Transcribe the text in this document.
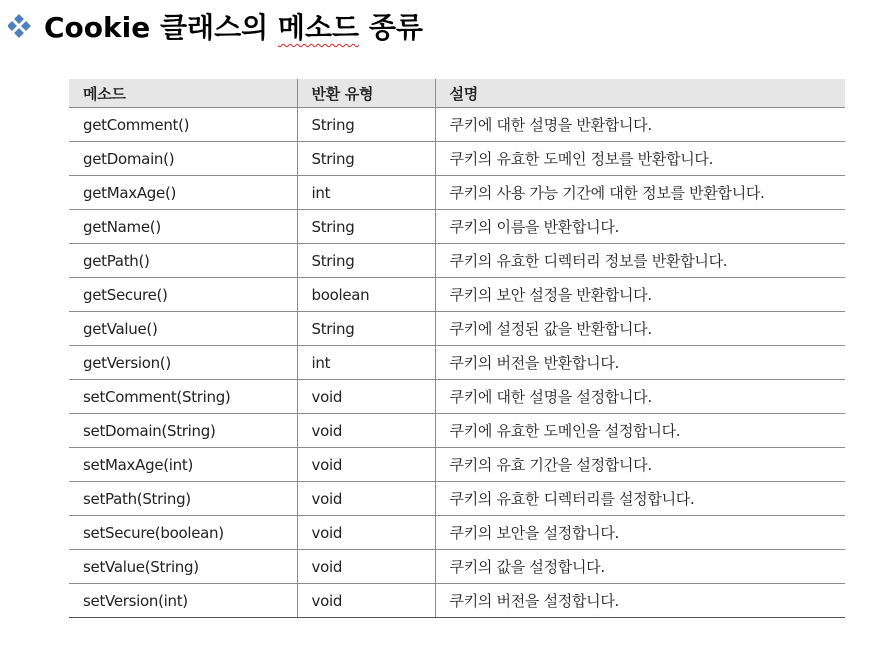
Cookie 클래스의 메소드 종류
메소드	반환 유형	설명
getComment()	String	쿠키에 대한 설명을 반환합니다.
getDomain()	String	쿠키의 유효한 도메인 정보를 반환합니다.
getMaxAge()	int	쿠키의 사용 가능 기간에 대한 정보를 반환합니다.
getName()	String	쿠키의 이름을 반환합니다.
getPath()	String	쿠키의 유효한 디렉터리 정보를 반환합니다.
getSecure()	boolean	쿠키의 보안 설정을 반환합니다.
getValue()	String	쿠키에 설정된 값을 반환합니다.
getVersion()	int	쿠키의 버전을 반환합니다.
setComment(String)	void	쿠키에 대한 설명을 설정합니다.
setDomain(String)	void	쿠키에 유효한 도메인을 설정합니다.
setMaxAge(int)	void	쿠키의 유효 기간을 설정합니다.
setPath(String)	void	쿠키의 유효한 디렉터리를 설정합니다.
setSecure(boolean)	void	쿠키의 보안을 설정합니다.
setValue(String)	void	쿠키의 값을 설정합니다.
setVersion(int)	void	쿠키의 버전을 설정합니다.
